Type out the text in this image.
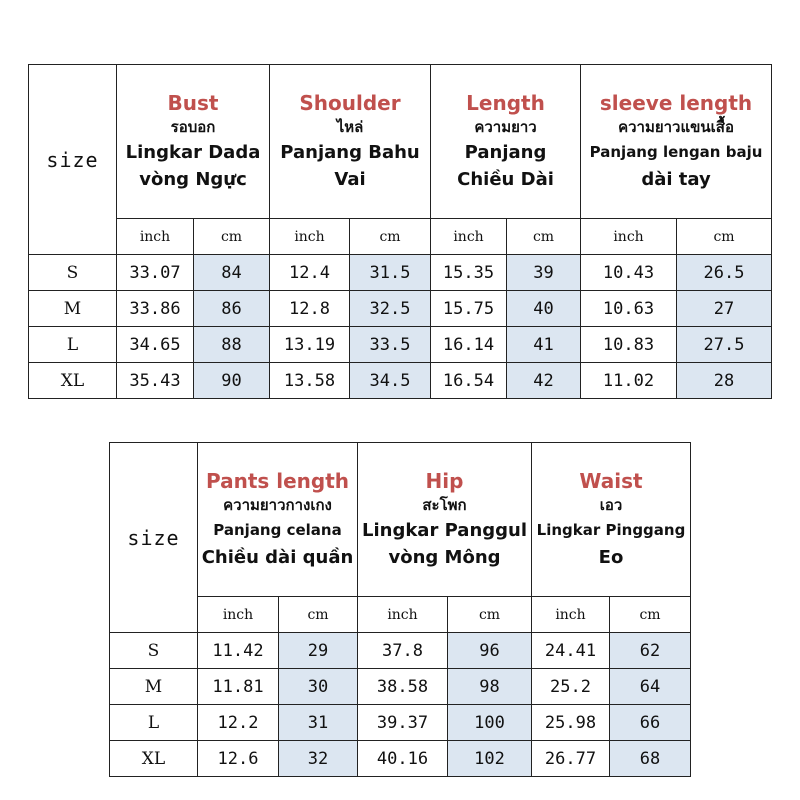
size	Bust
รอบอก
Lingkar Dada
vòng Ngực		Shoulder
ไหล่
Panjang Bahu
Vai		Length
ความยาว
Panjang
Chiều Dài		sleeve length
ความยาวแขนเสื้อ
Panjang lengan baju
dài tay	

	inch	cm	inch	cm	inch	cm	inch	cm
S	33.07	84	12.4	31.5	15.35	39	10.43	26.5
M	33.86	86	12.8	32.5	15.75	40	10.63	27
L	34.65	88	13.19	33.5	16.14	41	10.83	27.5
XL	35.43	90	13.58	34.5	16.54	42	11.02	28
size	Pants length
ความยาวกางเกง
Panjang celana
Chiều dài quần		Hip
สะโพก
Lingkar Panggul
vòng Mông		Waist
เอว
Lingkar Pinggang
Eo	

	inch	cm	inch	cm	inch	cm
S	11.42	29	37.8	96	24.41	62
M	11.81	30	38.58	98	25.2	64
L	12.2	31	39.37	100	25.98	66
XL	12.6	32	40.16	102	26.77	68
